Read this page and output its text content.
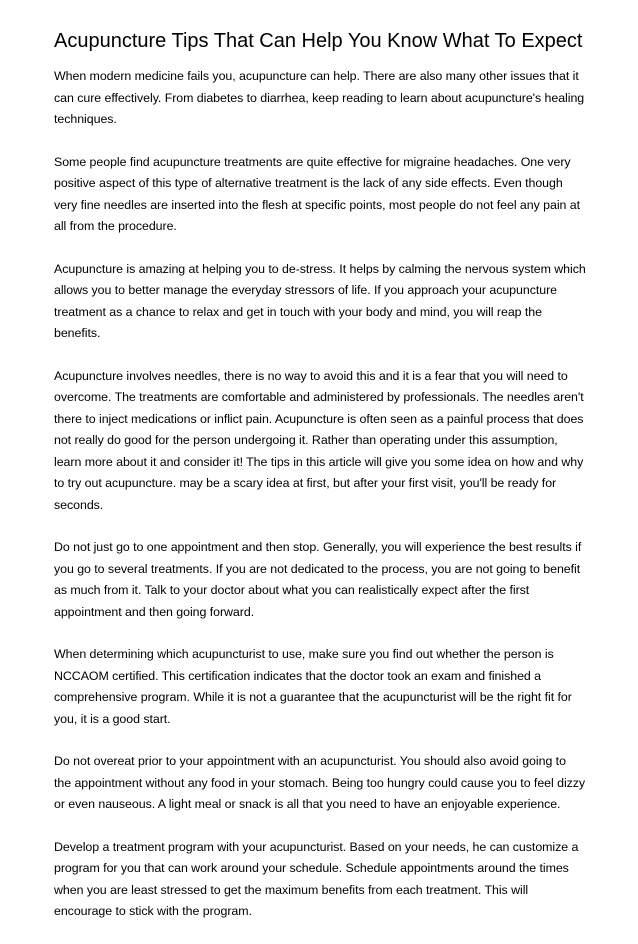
Acupuncture Tips That Can Help You Know What To Expect

When modern medicine fails you, acupuncture can help. There are also many other issues that it can cure effectively. From diabetes to diarrhea, keep reading to learn about acupuncture's healing techniques.

Some people find acupuncture treatments are quite effective for migraine headaches. One very positive aspect of this type of alternative treatment is the lack of any side effects. Even though very fine needles are inserted into the flesh at specific points, most people do not feel any pain at all from the procedure.

Acupuncture is amazing at helping you to de-stress. It helps by calming the nervous system which allows you to better manage the everyday stressors of life. If you approach your acupuncture treatment as a chance to relax and get in touch with your body and mind, you will reap the benefits.

Acupuncture involves needles, there is no way to avoid this and it is a fear that you will need to overcome. The treatments are comfortable and administered by professionals. The needles aren't there to inject medications or inflict pain. Acupuncture is often seen as a painful process that does not really do good for the person undergoing it. Rather than operating under this assumption, learn more about it and consider it! The tips in this article will give you some idea on how and why to try out acupuncture. may be a scary idea at first, but after your first visit, you'll be ready for seconds.

Do not just go to one appointment and then stop. Generally, you will experience the best results if you go to several treatments. If you are not dedicated to the process, you are not going to benefit as much from it. Talk to your doctor about what you can realistically expect after the first appointment and then going forward.

When determining which acupuncturist to use, make sure you find out whether the person is NCCAOM certified. This certification indicates that the doctor took an exam and finished a comprehensive program. While it is not a guarantee that the acupuncturist will be the right fit for you, it is a good start.

Do not overeat prior to your appointment with an acupuncturist. You should also avoid going to the appointment without any food in your stomach. Being too hungry could cause you to feel dizzy or even nauseous. A light meal or snack is all that you need to have an enjoyable experience.

Develop a treatment program with your acupuncturist. Based on your needs, he can customize a program for you that can work around your schedule. Schedule appointments around the times when you are least stressed to get the maximum benefits from each treatment. This will encourage to stick with the program.
